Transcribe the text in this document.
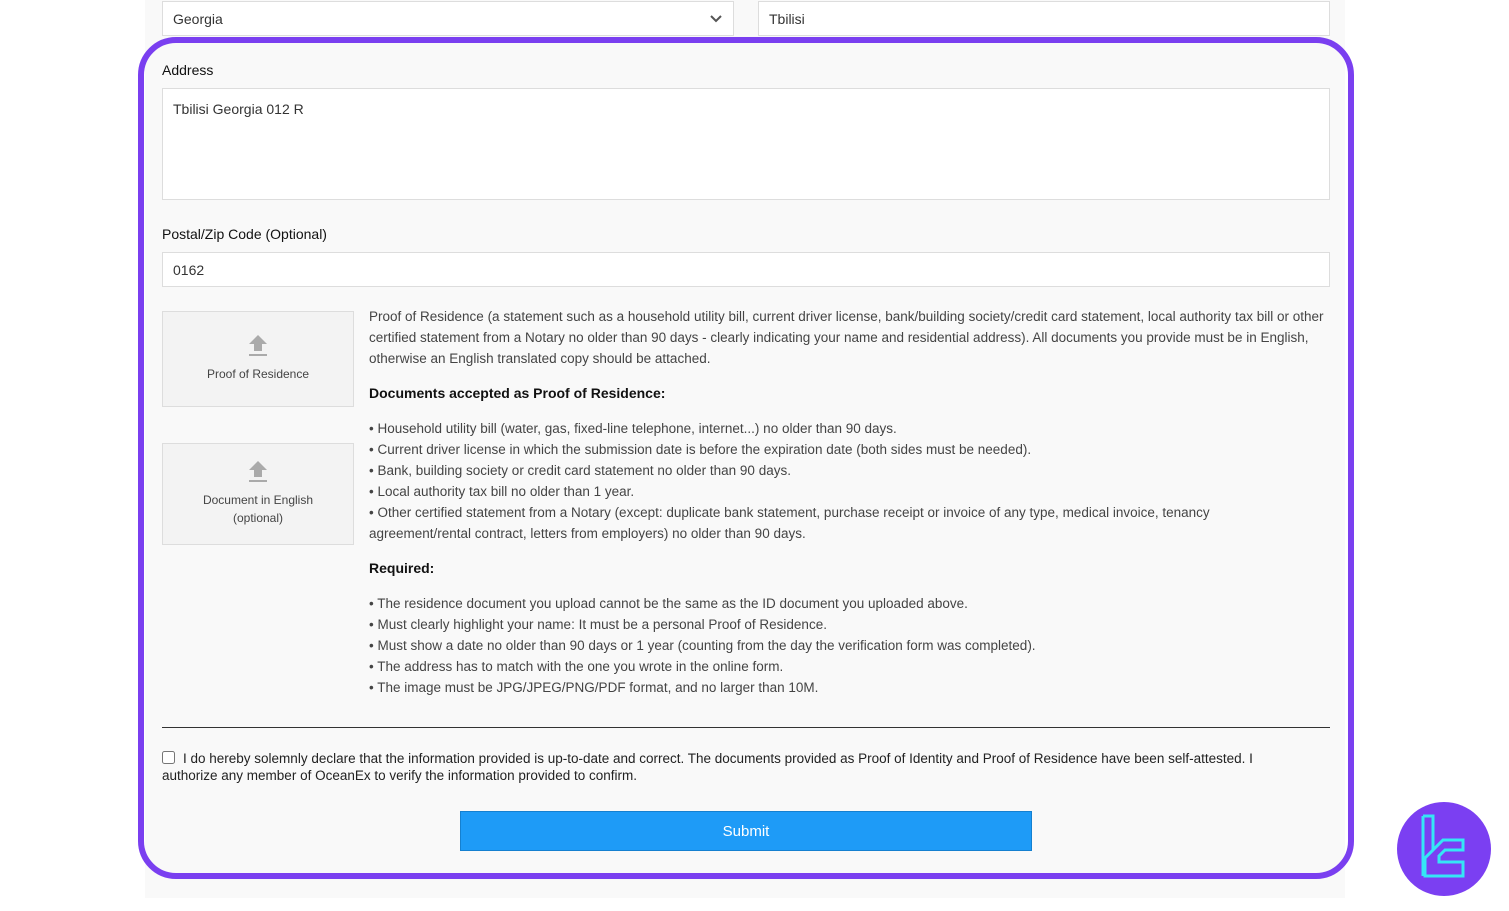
Georgia	Tbilisi
Address
Tbilisi Georgia 012 R
Postal/Zip Code (Optional)
0162
Proof of Residence
Document in English
(optional)

Proof of Residence (a statement such as a household utility bill, current driver license, bank/building society/credit card statement, local authority tax bill or other certified statement from a Notary no older than 90 days - clearly indicating your name and residential address). All documents you provide must be in English, otherwise an English translated copy should be attached.

Documents accepted as Proof of Residence:

• Household utility bill (water, gas, fixed-line telephone, internet...) no older than 90 days.

• Current driver license in which the submission date is before the expiration date (both sides must be needed).

• Bank, building society or credit card statement no older than 90 days.

• Local authority tax bill no older than 1 year.

• Other certified statement from a Notary (except: duplicate bank statement, purchase receipt or invoice of any type, medical invoice, tenancy agreement/rental contract, letters from employers) no older than 90 days.

Required:

• The residence document you upload cannot be the same as the ID document you uploaded above.

• Must clearly highlight your name: It must be a personal Proof of Residence.

• Must show a date no older than 90 days or 1 year (counting from the day the verification form was completed).

• The address has to match with the one you wrote in the online form.

• The image must be JPG/JPEG/PNG/PDF format, and no larger than 10M.

I do hereby solemnly declare that the information provided is up-to-date and correct. The documents provided as Proof of Identity and Proof of Residence have been self-attested. I authorize any member of OceanEx to verify the information provided to confirm.
Submit
